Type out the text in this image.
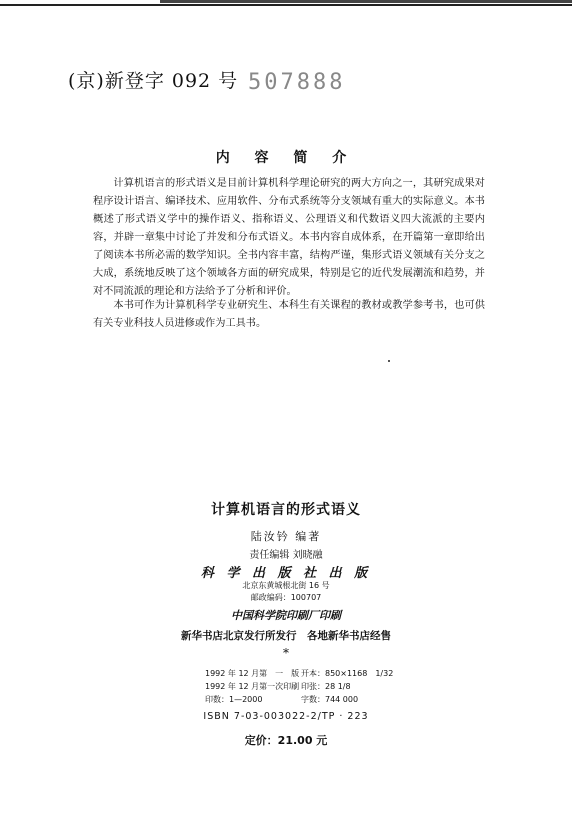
(京)新登字 092 号 507888
内 容 简 介
计算机语言的形式语义是目前计算机科学理论研究的两大方向之一，其研究成果对程序设计语言、编译技术、应用软件、分布式系统等分支领域有重大的实际意义。本书概述了形式语义学中的操作语义、指称语义、公理语义和代数语义四大流派的主要内容，并辟一章集中讨论了并发和分布式语义。本书内容自成体系，在开篇第一章即给出了阅读本书所必需的数学知识。全书内容丰富，结构严谨，集形式语义领域有关分支之大成，系统地反映了这个领域各方面的研究成果，特别是它的近代发展潮流和趋势，并对不同流派的理论和方法给予了分析和评价。
本书可作为计算机科学专业研究生、本科生有关课程的教材或教学参考书，也可供有关专业科技人员进修或作为工具书。
计算机语言的形式语义
陆汝钤 编著
责任编辑 刘晓融
科 学 出 版 社 出 版
北京东黄城根北街 16 号
邮政编码：100707
中国科学院印刷厂印刷
新华书店北京发行所发行　各地新华书店经售
*
1992 年 12 月第　一　版
1992 年 12 月第一次印刷
印数：1—2000
开本：850×1168　1/32
印张：28 1/8
字数：744 000
ISBN 7-03-003022-2/TP · 223
定价：21.00 元
